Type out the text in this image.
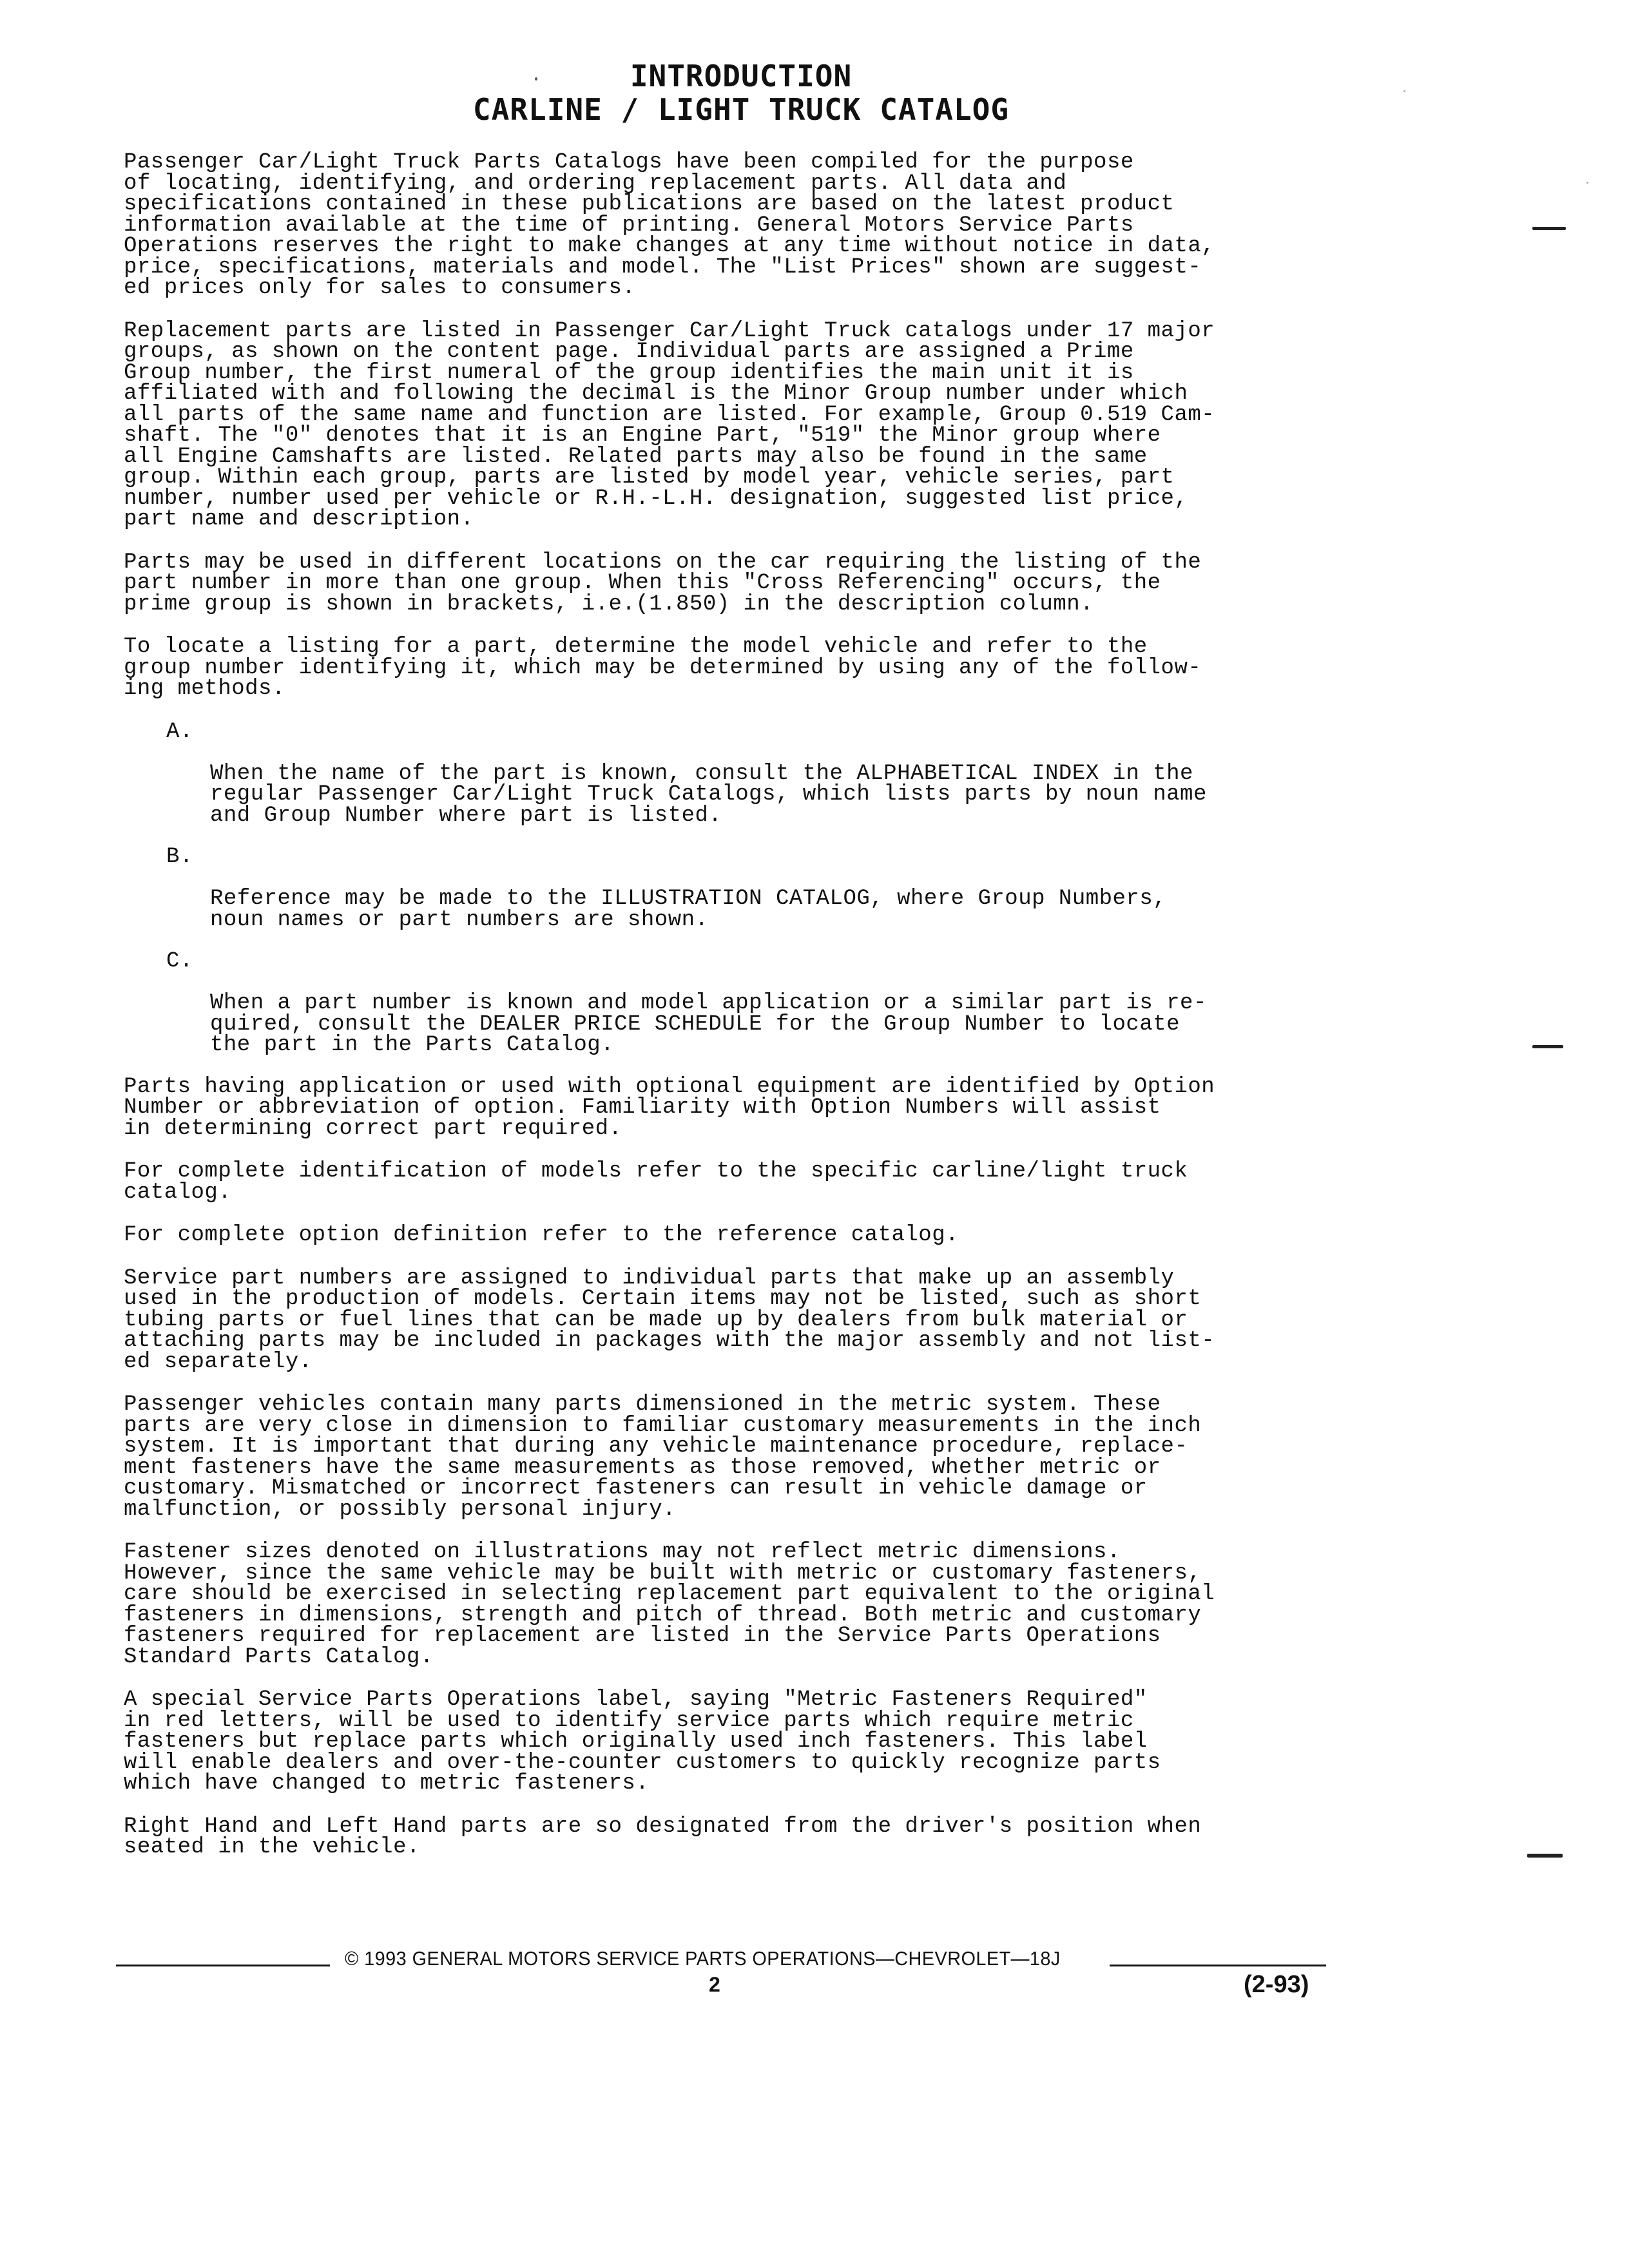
INTRODUCTION
CARLINE / LIGHT TRUCK CATALOG

Passenger Car/Light Truck Parts Catalogs have been compiled for the purpose
of locating, identifying, and ordering replacement parts. All data and
specifications contained in these publications are based on the latest product
information available at the time of printing. General Motors Service Parts
Operations reserves the right to make changes at any time without notice in data,
price, specifications, materials and model. The "List Prices" shown are suggest-
ed prices only for sales to consumers.

Replacement parts are listed in Passenger Car/Light Truck catalogs under 17 major
groups, as shown on the content page. Individual parts are assigned a Prime
Group number, the first numeral of the group identifies the main unit it is
affiliated with and following the decimal is the Minor Group number under which
all parts of the same name and function are listed. For example, Group 0.519 Cam-
shaft. The "0" denotes that it is an Engine Part, "519" the Minor group where
all Engine Camshafts are listed. Related parts may also be found in the same
group. Within each group, parts are listed by model year, vehicle series, part
number, number used per vehicle or R.H.-L.H. designation, suggested list price,
part name and description.

Parts may be used in different locations on the car requiring the listing of the
part number in more than one group. When this "Cross Referencing" occurs, the
prime group is shown in brackets, i.e.(1.850) in the description column.

To locate a listing for a part, determine the model vehicle and refer to the
group number identifying it, which may be determined by using any of the follow-
ing methods.

A.

When the name of the part is known, consult the ALPHABETICAL INDEX in the
regular Passenger Car/Light Truck Catalogs, which lists parts by noun name
and Group Number where part is listed.

B.

Reference may be made to the ILLUSTRATION CATALOG, where Group Numbers,
noun names or part numbers are shown.

C.

When a part number is known and model application or a similar part is re-
quired, consult the DEALER PRICE SCHEDULE for the Group Number to locate
the part in the Parts Catalog.

Parts having application or used with optional equipment are identified by Option
Number or abbreviation of option. Familiarity with Option Numbers will assist
in determining correct part required.

For complete identification of models refer to the specific carline/light truck
catalog.

For complete option definition refer to the reference catalog.

Service part numbers are assigned to individual parts that make up an assembly
used in the production of models. Certain items may not be listed, such as short
tubing parts or fuel lines that can be made up by dealers from bulk material or
attaching parts may be included in packages with the major assembly and not list-
ed separately.

Passenger vehicles contain many parts dimensioned in the metric system. These
parts are very close in dimension to familiar customary measurements in the inch
system. It is important that during any vehicle maintenance procedure, replace-
ment fasteners have the same measurements as those removed, whether metric or
customary. Mismatched or incorrect fasteners can result in vehicle damage or
malfunction, or possibly personal injury.

Fastener sizes denoted on illustrations may not reflect metric dimensions.
However, since the same vehicle may be built with metric or customary fasteners,
care should be exercised in selecting replacement part equivalent to the original
fasteners in dimensions, strength and pitch of thread. Both metric and customary
fasteners required for replacement are listed in the Service Parts Operations
Standard Parts Catalog.

A special Service Parts Operations label, saying "Metric Fasteners Required"
in red letters, will be used to identify service parts which require metric
fasteners but replace parts which originally used inch fasteners. This label
will enable dealers and over-the-counter customers to quickly recognize parts
which have changed to metric fasteners.

Right Hand and Left Hand parts are so designated from the driver's position when
seated in the vehicle.

© 1993 GENERAL MOTORS SERVICE PARTS OPERATIONS—CHEVROLET—18J
2	(2-93)
